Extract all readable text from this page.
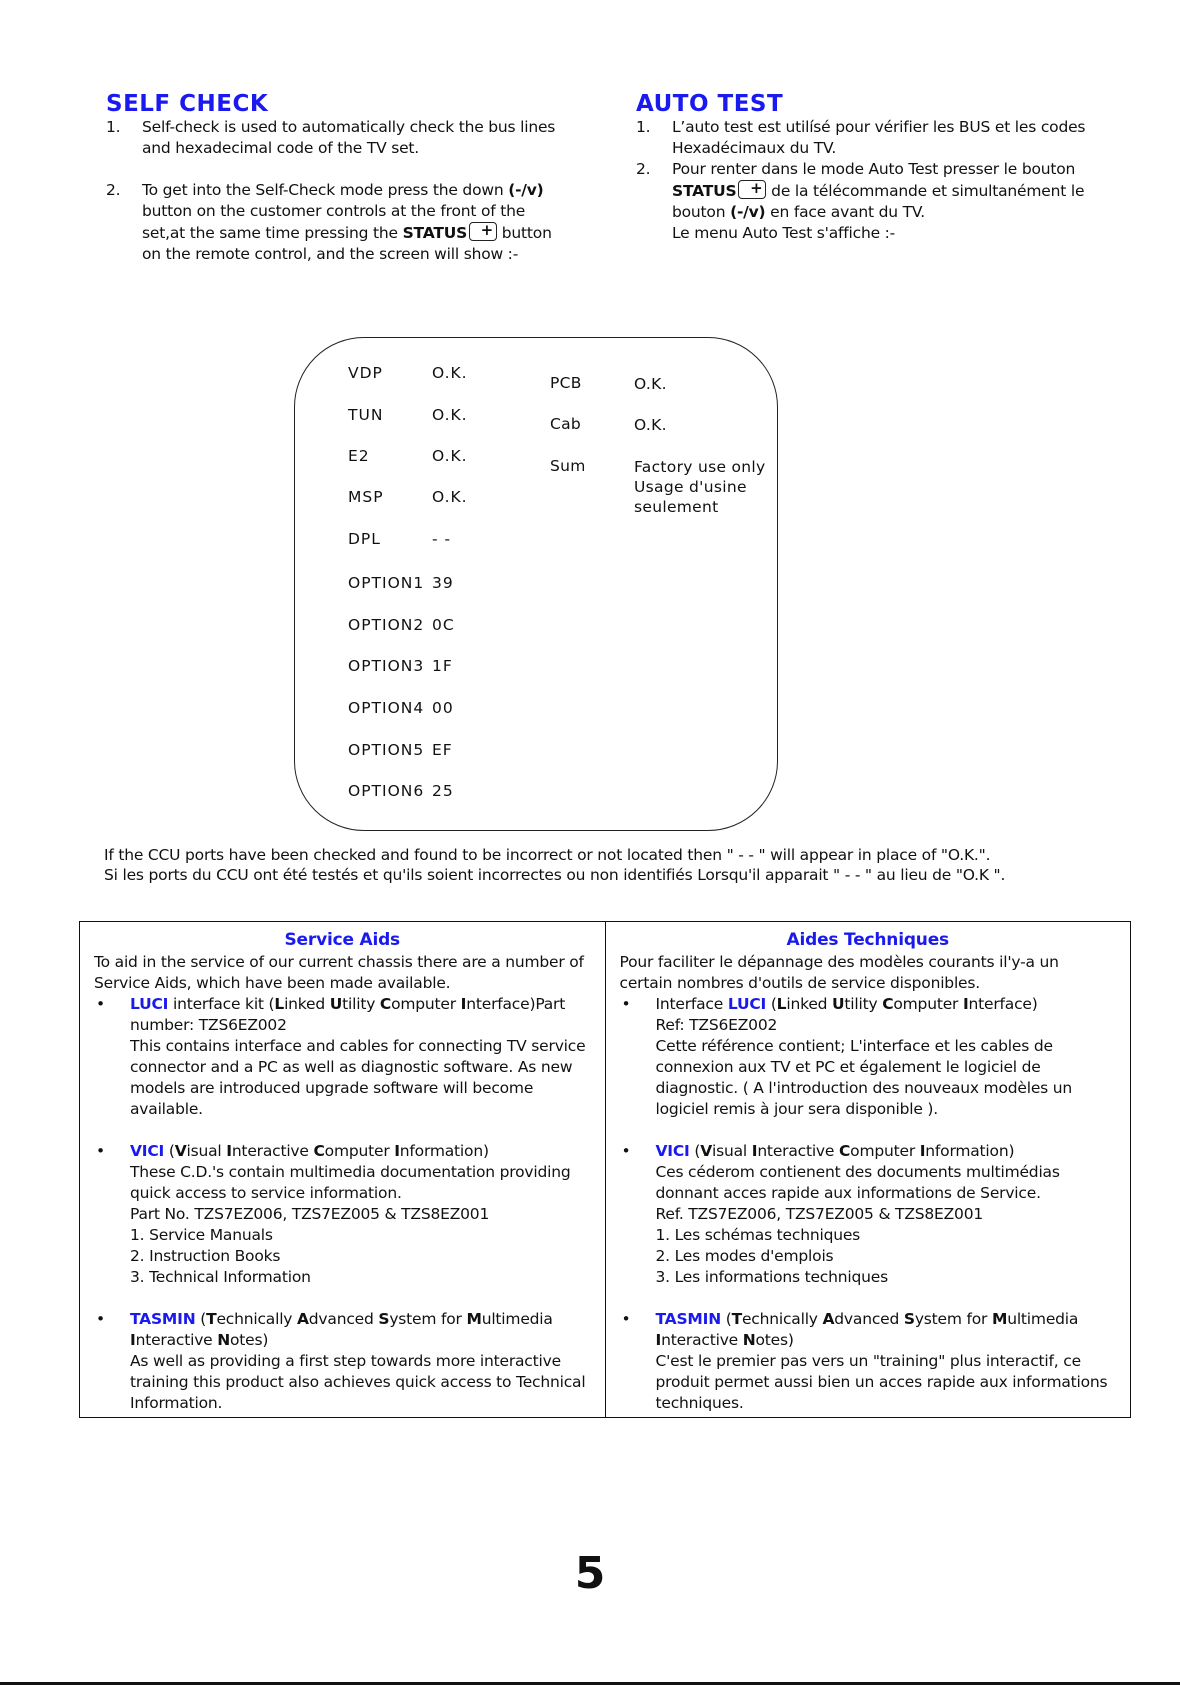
SELF CHECK
1. Self-check is used to automatically check the bus lines and hexadecimal code of the TV set.
2. To get into the Self-Check mode press the down (-/v) button on the customer controls at the front of the set,at the same time pressing the STATUS + button on the remote control, and the screen will show :-
AUTO TEST
1. L’auto test est utilísé pour vérifier les BUS et les codes Hexadécimaux du TV.
2. Pour renter dans le mode Auto Test presser le bouton STATUS + de la télécommande et simultanément le bouton (-/v) en face avant du TV.
Le menu Auto Test s'affiche :-
VDP	O.K.
TUN	O.K.
E2	O.K.
MSP	O.K.
DPL	- -
OPTION1 39
OPTION2 0C
OPTION3 1F
OPTION4 00
OPTION5 EF
OPTION6 25
PCB	O.K.
Cab	O.K.
Sum	Factory use only
Usage d'usine
seulement
If the CCU ports have been checked and found to be incorrect or not located then " - - " will appear in place of "O.K.".
Si les ports du CCU ont été testés et qu'ils soient incorrectes ou non identifiés Lorsqu'il apparait " - - " au lieu de "O.K ".
Service Aids
To aid in the service of our current chassis there are a number of Service Aids, which have been made available.
• LUCI interface kit (Linked Utility Computer Interface)Part number: TZS6EZ002
This contains interface and cables for connecting TV service connector and a PC as well as diagnostic software. As new models are introduced upgrade software will become available.
• VICI (Visual Interactive Computer Information)
These C.D.'s contain multimedia documentation providing quick access to service information.
Part No. TZS7EZ006, TZS7EZ005 & TZS8EZ001
1. Service Manuals
2. Instruction Books
3. Technical Information
• TASMIN (Technically Advanced System for Multimedia Interactive Notes)
As well as providing a first step towards more interactive training this product also achieves quick access to Technical Information.
Aides Techniques
Pour faciliter le dépannage des modèles courants il'y-a un certain nombres d'outils de service disponibles.
• Interface LUCI (Linked Utility Computer Interface)
Ref: TZS6EZ002
Cette référence contient; L'interface et les cables de connexion aux TV et PC et également le logiciel de diagnostic. ( A l'introduction des nouveaux modèles un logiciel remis à jour sera disponible ).
• VICI (Visual Interactive Computer Information)
Ces céderom contienent des documents multimédias donnant acces rapide aux informations de Service.
Ref. TZS7EZ006, TZS7EZ005 & TZS8EZ001
1. Les schémas techniques
2. Les modes d'emplois
3. Les informations techniques
• TASMIN (Technically Advanced System for Multimedia Interactive Notes)
C'est le premier pas vers un "training" plus interactif, ce produit permet aussi bien un acces rapide aux informations techniques.
5
